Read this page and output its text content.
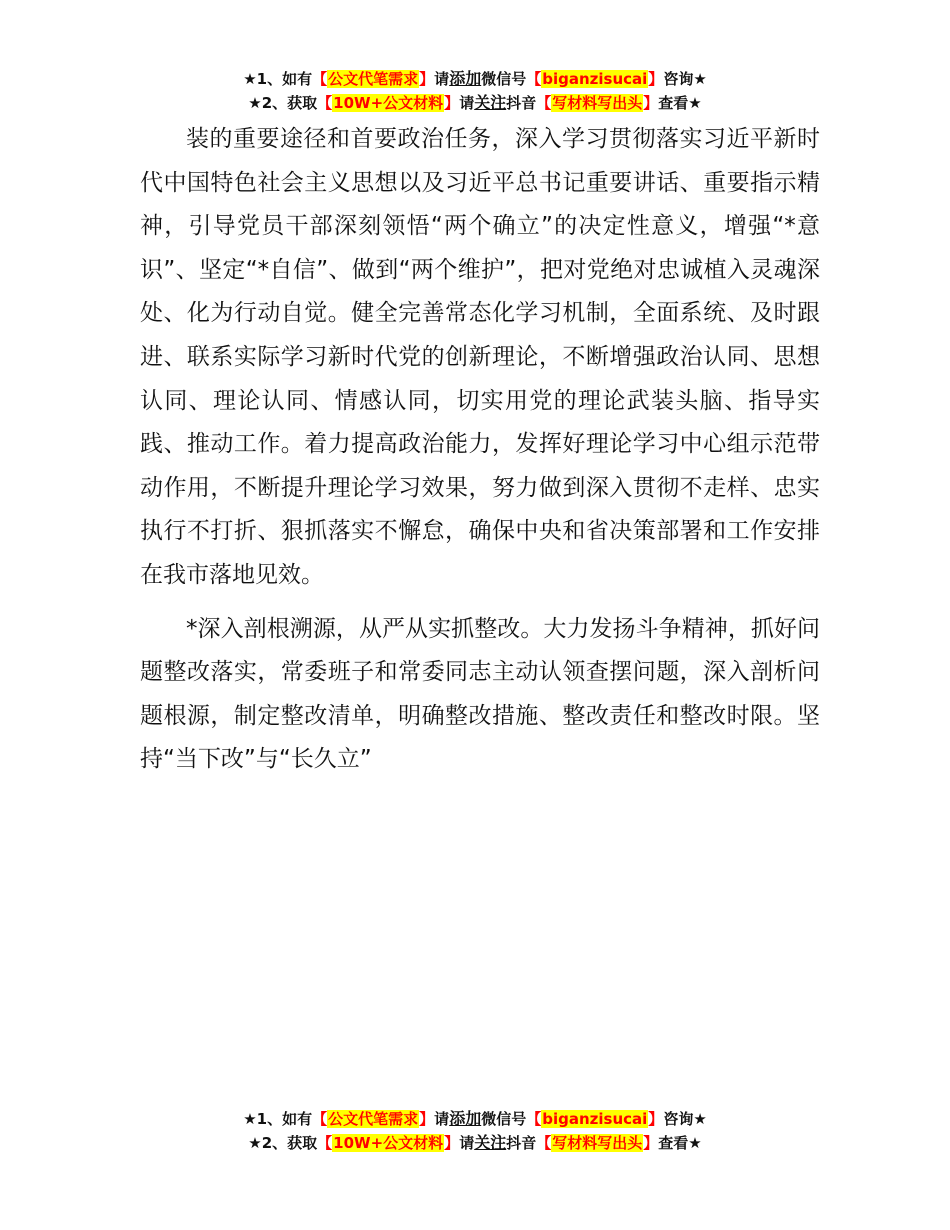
★1、如有【公文代笔需求】请添加微信号【biganzisucai】咨询★
★2、获取【10W+公文材料】请关注抖音【写材料写出头】查看★

装的重要途径和首要政治任务，深入学习贯彻落实习近平新时代中国特色社会主义思想以及习近平总书记重要讲话、重要指示精神，引导党员干部深刻领悟“两个确立”的决定性意义，增强“*意识”、坚定“*自信”、做到“两个维护”，把对党绝对忠诚植入灵魂深处、化为行动自觉。健全完善常态化学习机制，全面系统、及时跟进、联系实际学习新时代党的创新理论，不断增强政治认同、思想认同、理论认同、情感认同，切实用党的理论武装头脑、指导实践、推动工作。着力提高政治能力，发挥好理论学习中心组示范带动作用，不断提升理论学习效果，努力做到深入贯彻不走样、忠实执行不打折、狠抓落实不懈怠，确保中央和省决策部署和工作安排在我市落地见效。

*深入剖根溯源，从严从实抓整改。大力发扬斗争精神，抓好问题整改落实，常委班子和常委同志主动认领查摆问题，深入剖析问题根源，制定整改清单，明确整改措施、整改责任和整改时限。坚持“当下改”与“长久立”

★1、如有【公文代笔需求】请添加微信号【biganzisucai】咨询★
★2、获取【10W+公文材料】请关注抖音【写材料写出头】查看★
